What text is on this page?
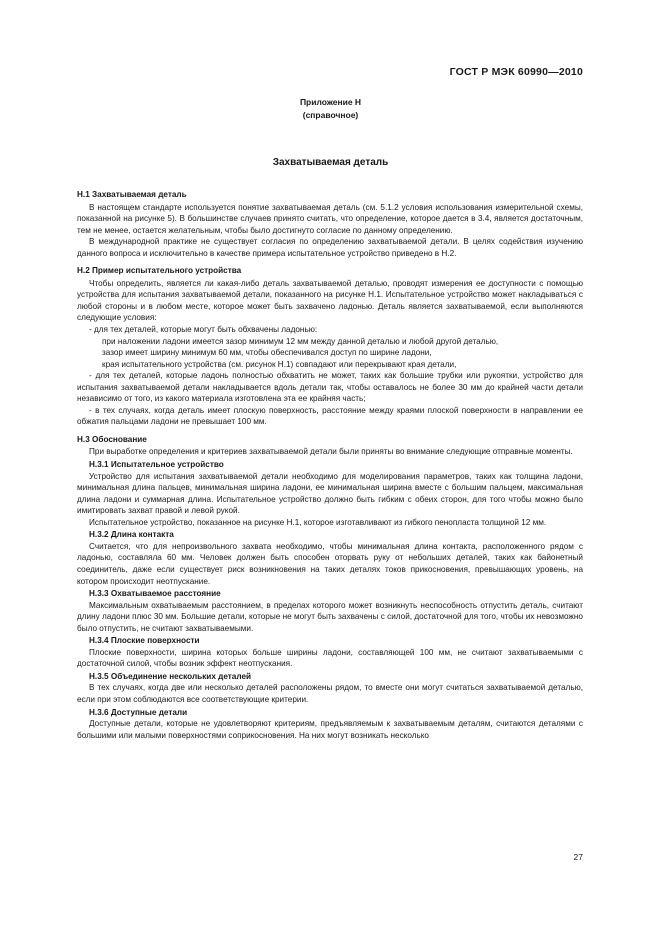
ГОСТ Р МЭК 60990—2010
Приложение Н
(справочное)
Захватываемая деталь
Н.1 Захватываемая деталь

В настоящем стандарте используется понятие захватываемая деталь (см. 5.1.2 условия использования измерительной схемы, показанной на рисунке 5). В большинстве случаев принято считать, что определение, которое дается в 3.4, является достаточным, тем не менее, остается желательным, чтобы было достигнуто согласие по данному определению.

В международной практике не существует согласия по определению захватываемой детали. В целях содействия изучению данного вопроса и исключительно в качестве примера испытательное устройство приведено в Н.2.

Н.2 Пример испытательного устройства

Чтобы определить, является ли какая-либо деталь захватываемой деталью, проводят измерения ее доступности с помощью устройства для испытания захватываемой детали, показанного на рисунке Н.1. Испытательное устройство может накладываться с любой стороны и в любом месте, которое может быть захвачено ладонью. Деталь является захватываемой, если выполняются следующие условия:

- для тех деталей, которые могут быть обхвачены ладонью:

при наложении ладони имеется зазор минимум 12 мм между данной деталью и любой другой деталью,

зазор имеет ширину минимум 60 мм, чтобы обеспечивался доступ по ширине ладони,

края испытательного устройства (см. рисунок Н.1) совпадают или перекрывают края детали,

- для тех деталей, которые ладонь полностью обхватить не может, таких как большие трубки или рукоятки, устройство для испытания захватываемой детали накладывается вдоль детали так, чтобы оставалось не более 30 мм до крайней части детали независимо от того, из какого материала изготовлена эта ее крайняя часть;

- в тех случаях, когда деталь имеет плоскую поверхность, расстояние между краями плоской поверхности в направлении ее обжатия пальцами ладони не превышает 100 мм.

Н.3 Обоснование

При выработке определения и критериев захватываемой детали были приняты во внимание следующие отправные моменты.

Н.3.1 Испытательное устройство

Устройство для испытания захватываемой детали необходимо для моделирования параметров, таких как толщина ладони, минимальная длина пальцев, минимальная ширина ладони, ее минимальная ширина вместе с большим пальцем, максимальная длина ладони и суммарная длина. Испытательное устройство должно быть гибким с обеих сторон, для того чтобы можно было имитировать захват правой и левой рукой.

Испытательное устройство, показанное на рисунке Н.1, которое изготавливают из гибкого пенопласта толщиной 12 мм.

Н.3.2 Длина контакта

Считается, что для непроизвольного захвата необходимо, чтобы минимальная длина контакта, расположенного рядом с ладонью, составляла 60 мм. Человек должен быть способен оторвать руку от небольших деталей, таких как байонетный соединитель, даже если существует риск возникновения на таких деталях токов прикосновения, превышающих уровень, на котором происходит неотпускание.

Н.3.3 Охватываемое расстояние

Максимальным охватываемым расстоянием, в пределах которого может возникнуть неспособность отпустить деталь, считают длину ладони плюс 30 мм. Большие детали, которые не могут быть захвачены с силой, достаточной для того, чтобы их невозможно было отпустить, не считают захватываемыми.

Н.3.4 Плоские поверхности

Плоские поверхности, ширина которых больше ширины ладони, составляющей 100 мм, не считают захватываемыми с достаточной силой, чтобы возник эффект неотпускания.

Н.3.5 Объединение нескольких деталей

В тех случаях, когда две или несколько деталей расположены рядом, то вместе они могут считаться захватываемой деталью, если при этом соблюдаются все соответствующие критерии.

Н.3.6 Доступные детали

Доступные детали, которые не удовлетворяют критериям, предъявляемым к захватываемым деталям, считаются деталями с большими или малыми поверхностями соприкосновения. На них могут возникать несколько

27
